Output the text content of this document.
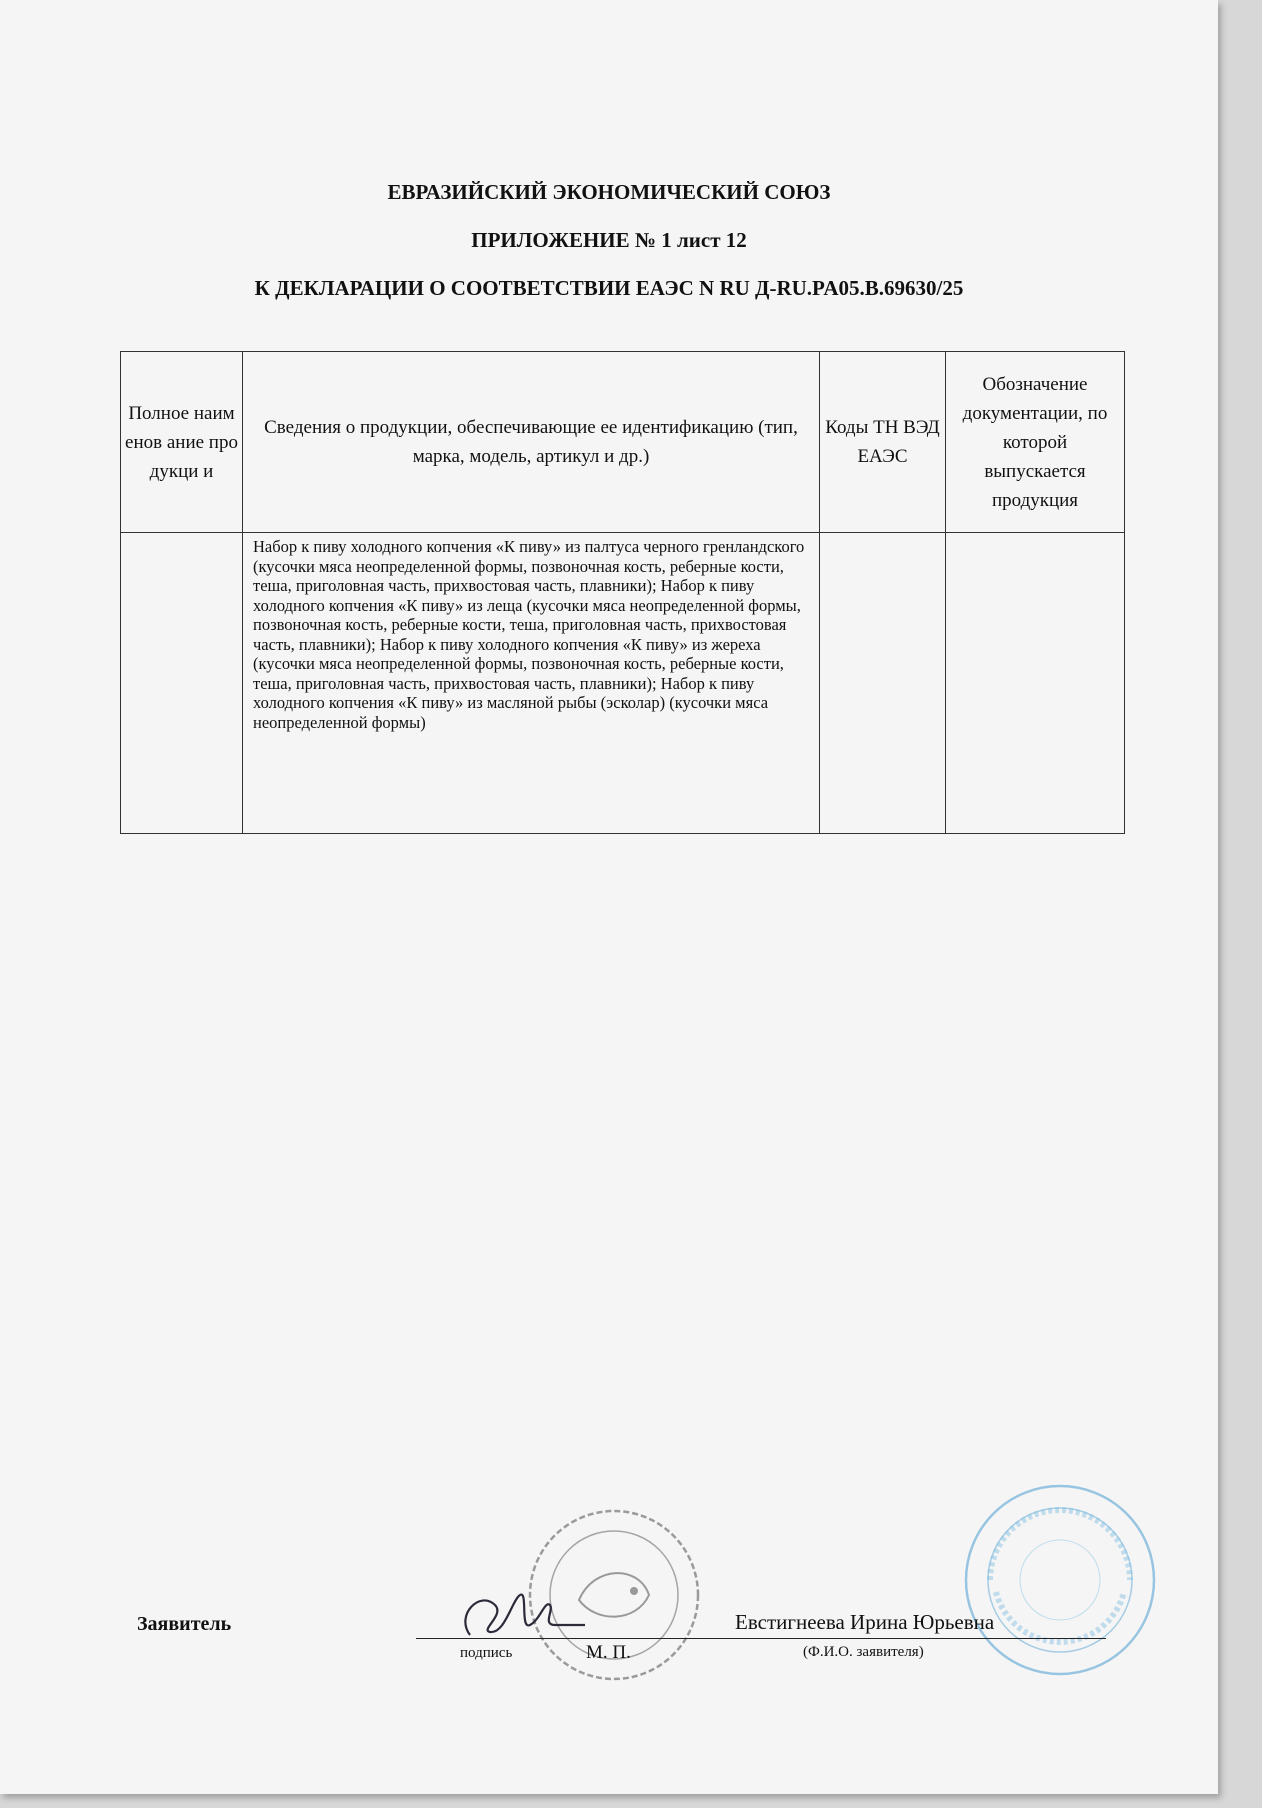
ЕВРАЗИЙСКИЙ ЭКОНОМИЧЕСКИЙ СОЮЗ
ПРИЛОЖЕНИЕ № 1 лист 12
К ДЕКЛАРАЦИИ О СООТВЕТСТВИИ ЕАЭС N RU Д-RU.PA05.B.69630/25
Полное наименов ание продукци и	Сведения о продукции, обеспечивающие ее идентификацию (тип, марка, модель, артикул и др.)	Коды ТН ВЭД ЕАЭС	Обозначение документации, по которой выпускается продукция
	Набор к пиву холодного копчения «К пиву» из палтуса черного гренландского (кусочки мяса неопределенной формы, позвоночная кость, реберные кости, теша, приголовная часть, прихвостовая часть, плавники); Набор к пиву холодного копчения «К пиву» из леща (кусочки мяса неопределенной формы, позвоночная кость, реберные кости, теша, приголовная часть, прихвостовая часть, плавники); Набор к пиву холодного копчения «К пиву» из жереха (кусочки мяса неопределенной формы, позвоночная кость, реберные кости, теша, приголовная часть, прихвостовая часть, плавники); Набор к пиву холодного копчения «К пиву» из масляной рыбы (эсколар) (кусочки мяса неопределенной формы)		
Заявитель	Евстигнеева Ирина Юрьевна
подпись	М. П.	(Ф.И.О. заявителя)
